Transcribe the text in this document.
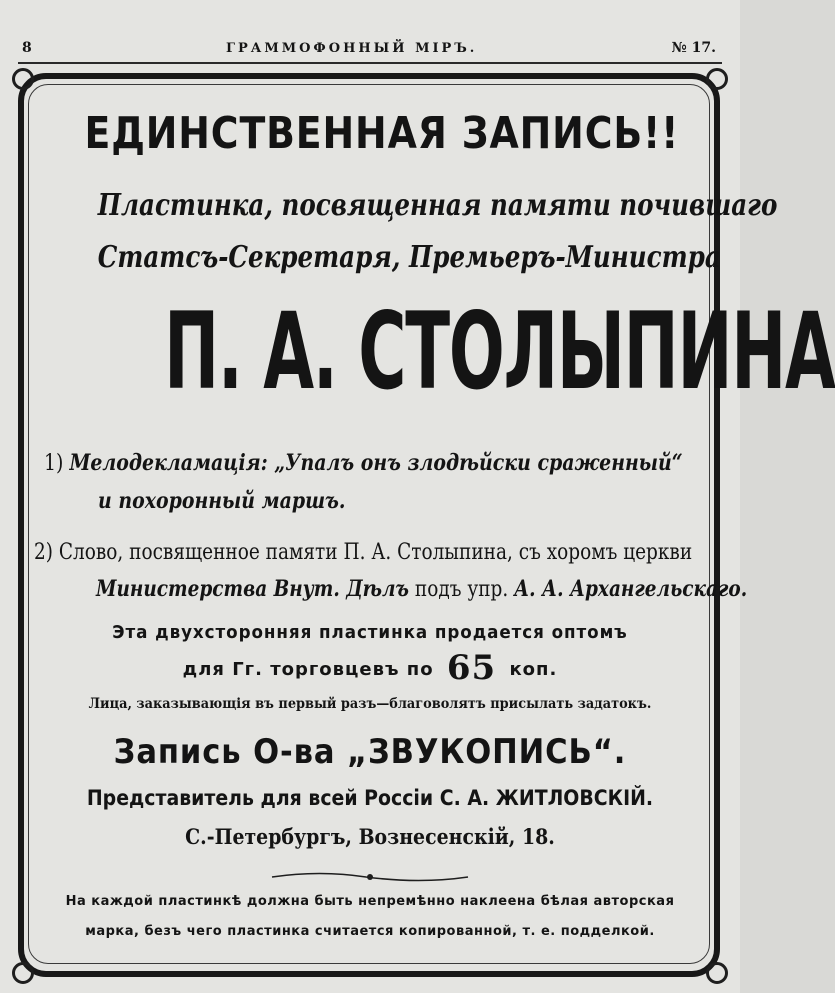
8	ГРАММОФОННЫЙ МІРЪ.	№ 17.
ЕДИНСТВЕННАЯ ЗАПИСЬ!!
Пластинка, посвященная памяти почившаго
Статсъ-Секретаря, Премьеръ-Министра
П. А. СТОЛЫПИНА
1) Мелодекламація: „Упалъ онъ злодѣйски сраженный“
и похоронный маршъ.
2) Слово, посвященное памяти П. А. Столыпина, съ хоромъ церкви
Министерства Внут. Дѣлъ подъ упр. А. А. Архангельскаго.
Эта двухсторонняя пластинка продается оптомъ
для Гг. торговцевъ по 65 коп.
Лица, заказывающія въ первый разъ—благоволятъ присылать задатокъ.
Запись О-ва „ЗВУКОПИСЬ“.
Представитель для всей Россіи С. А. ЖИТЛОВСКІЙ.
С.-Петербургъ, Вознесенскій, 18.
На каждой пластинкѣ должна быть непремѣнно наклеена бѣлая авторская
марка, безъ чего пластинка считается копированной, т. е. подделкой.
